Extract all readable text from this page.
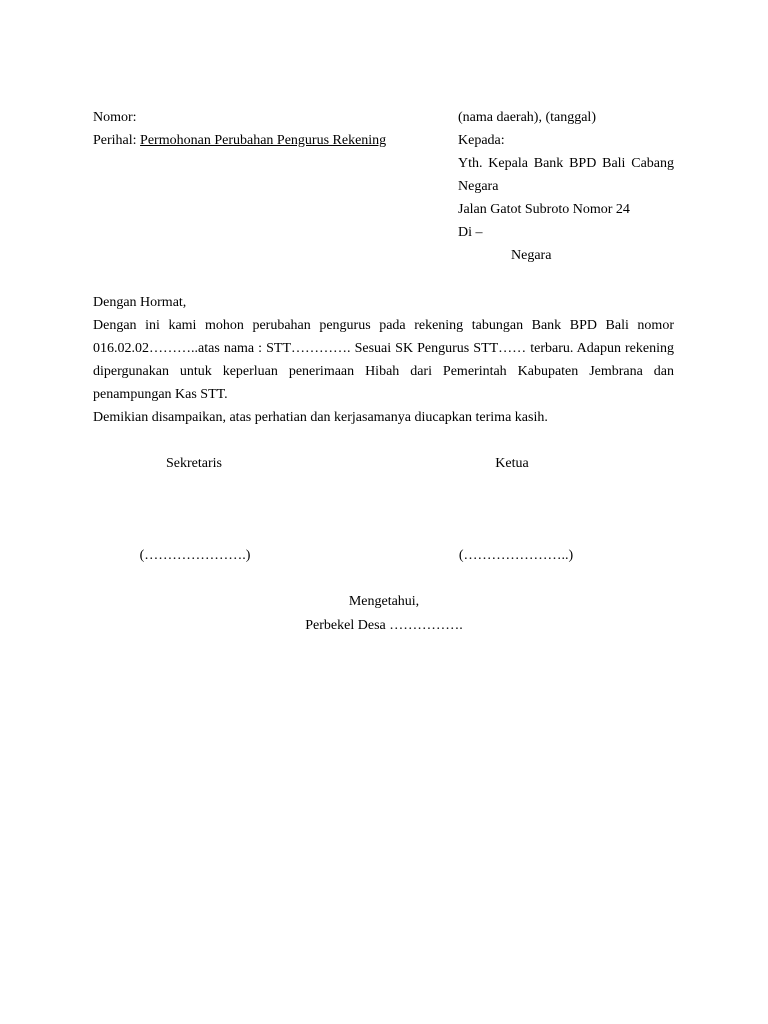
Nomor:
Perihal: Permohonan Perubahan Pengurus Rekening
(nama daerah), (tanggal)
Kepada:
Yth. Kepala Bank BPD Bali Cabang
Negara
Jalan Gatot Subroto Nomor 24
Di –
Negara
Dengan Hormat,
Dengan ini kami mohon perubahan pengurus pada rekening tabungan Bank BPD Bali nomor 016.02.02………..atas nama : STT…………. Sesuai SK Pengurus STT…… terbaru. Adapun rekening dipergunakan untuk keperluan penerimaan Hibah dari Pemerintah Kabupaten Jembrana dan penampungan Kas STT.
Demikian disampaikan, atas perhatian dan kerjasamanya diucapkan terima kasih.
Sekretaris	Ketua
(………………….)	(…………………..)
Mengetahui,
Perbekel Desa …………….
